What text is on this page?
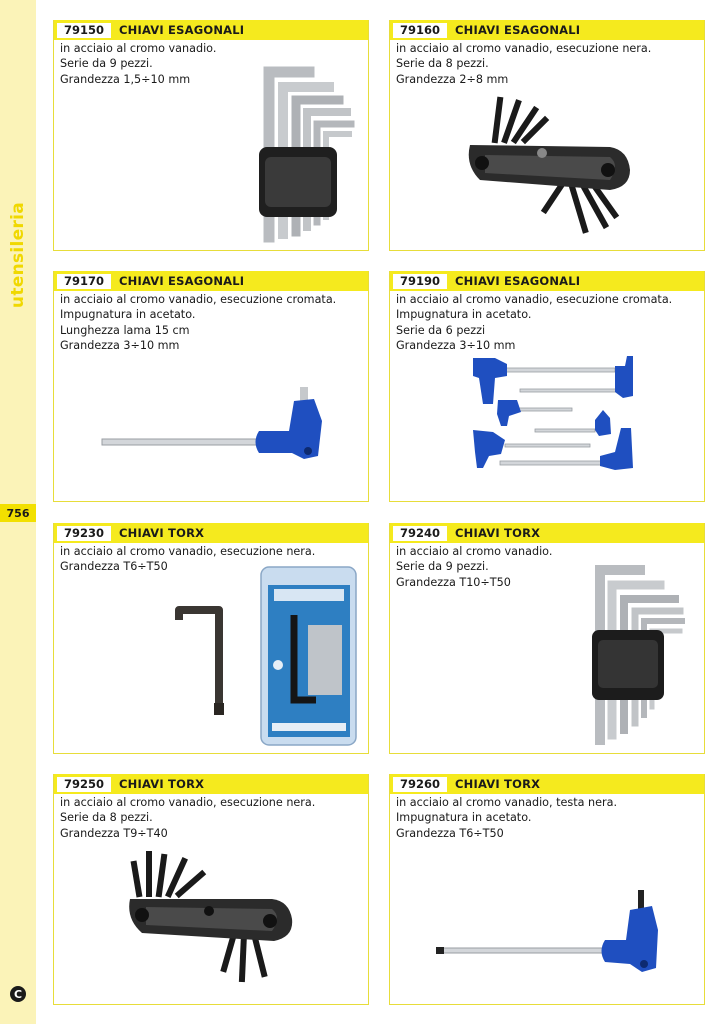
utensileria
756
C
79150	CHIAVI ESAGONALI
in acciaio al cromo vanadio.
Serie da 9 pezzi.
Grandezza 1,5÷10 mm
79160	CHIAVI ESAGONALI
in acciaio al cromo vanadio, esecuzione nera.
Serie da 8 pezzi.
Grandezza 2÷8 mm
79170	CHIAVI ESAGONALI
in acciaio al cromo vanadio, esecuzione cromata.
Impugnatura in acetato.
Lunghezza lama 15 cm
Grandezza 3÷10 mm
79190	CHIAVI ESAGONALI
in acciaio al cromo vanadio, esecuzione cromata.
Impugnatura in acetato.
Serie da 6 pezzi
Grandezza 3÷10 mm
79230	CHIAVI TORX
in acciaio al cromo vanadio, esecuzione nera.
Grandezza T6÷T50
79240	CHIAVI TORX
in acciaio al cromo vanadio.
Serie da 9 pezzi.
Grandezza T10÷T50
79250	CHIAVI TORX
in acciaio al cromo vanadio, esecuzione nera.
Serie da 8 pezzi.
Grandezza T9÷T40
79260	CHIAVI TORX
in acciaio al cromo vanadio, testa nera.
Impugnatura in acetato.
Grandezza T6÷T50
